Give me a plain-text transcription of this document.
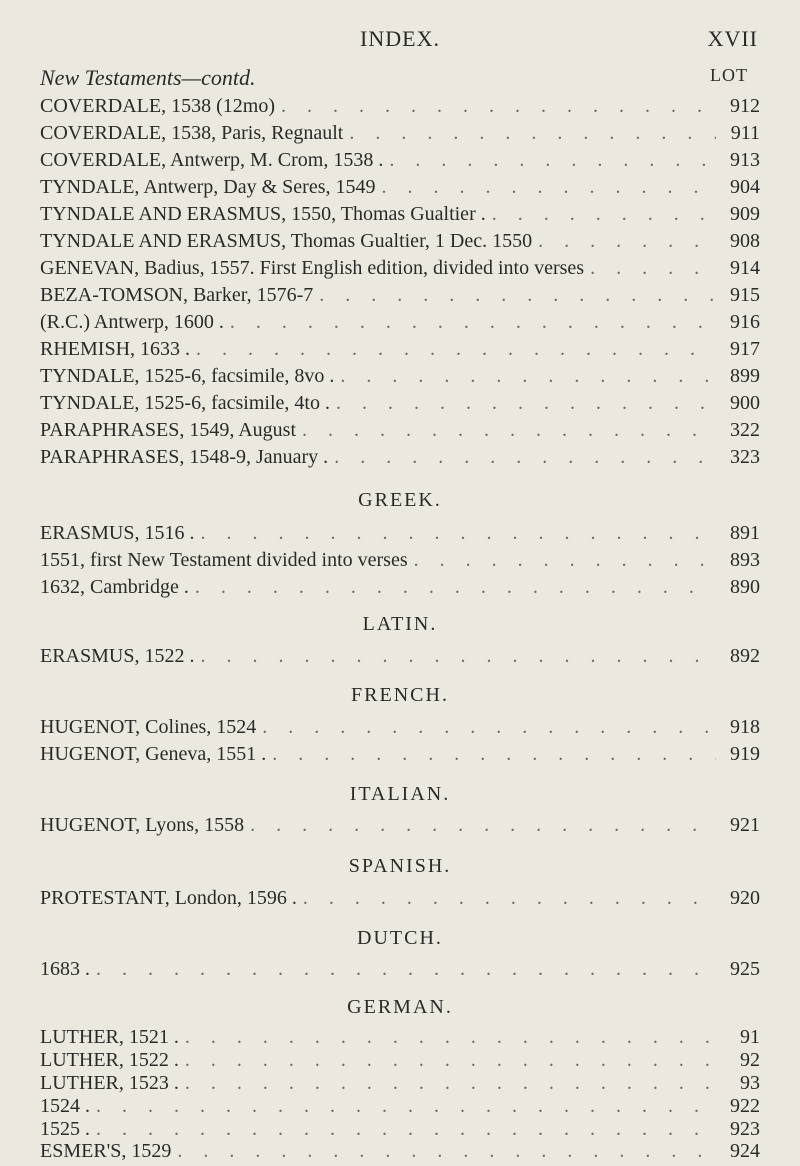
INDEX.	XVII
New Testaments—contd.	LOT
COVERDALE, 1538 (12mo) . . .	912
COVERDALE, 1538, Paris, Regnault . . .	911
COVERDALE, Antwerp, M. Crom, 1538 . . . .	913
TYNDALE, Antwerp, Day & Seres, 1549 . . .	904
TYNDALE AND ERASMUS, 1550, Thomas Gualtier . . . .	909
TYNDALE AND ERASMUS, Thomas Gualtier, 1 Dec. 1550 . . .	908
GENEVAN, Badius, 1557. First English edition, divided into verses . . .	914
BEZA-TOMSON, Barker, 1576-7 . . .	915
(R.C.) Antwerp, 1600 . . . .	916
RHEMISH, 1633 . . . .	917
TYNDALE, 1525-6, facsimile, 8vo . . . .	899
TYNDALE, 1525-6, facsimile, 4to . . . .	900
PARAPHRASES, 1549, August . . .	322
PARAPHRASES, 1548-9, January . . . .	323
GREEK.
ERASMUS, 1516 . . . .	891
1551, first New Testament divided into verses . . .	893
1632, Cambridge . . . .	890
LATIN.
ERASMUS, 1522 . . . .	892
FRENCH.
HUGENOT, Colines, 1524 . . .	918
HUGENOT, Geneva, 1551 . . . .	919
ITALIAN.
HUGENOT, Lyons, 1558 . . .	921
SPANISH.
PROTESTANT, London, 1596 . . . .	920
DUTCH.
1683 . . . .	925
GERMAN.
LUTHER, 1521 . . . .	91
LUTHER, 1522 . . . .	92
LUTHER, 1523 . . . .	93
1524 . . . .	922
1525 . . . .	923
ESMER'S, 1529 . . .	924
